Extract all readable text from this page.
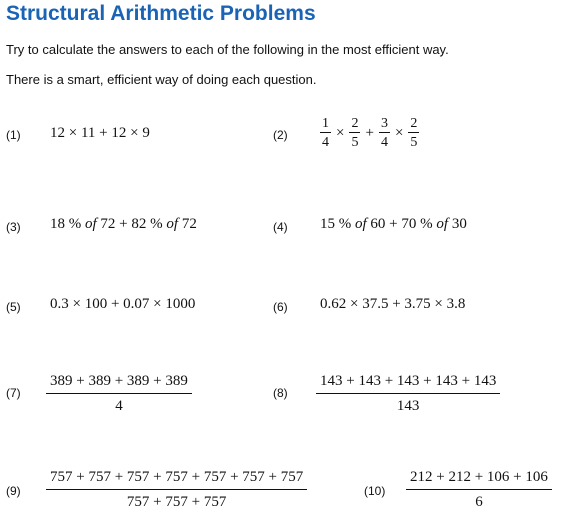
Structural Arithmetic Problems
Try to calculate the answers to each of the following in the most efficient way.
There is a smart, efficient way of doing each question.
(1) 12 × 11 + 12 × 9	$(2) \frac{1}{4} \times \frac{2}{5} + \frac{3}{4} \times \frac{2}{5}$
(3) 18 % of 72 + 82 % of 72	(4) 15 % of 60 + 70 % of 30
(5) 0.3 × 100 + 0.07 × 1000	(6) 0.62 × 37.5 + 3.75 × 3.8
$(7) \frac{389 + 389 + 389 + 389}{4}$	$(8) \frac{143 + 143 + 143 + 143 + 143}{143}$
$(9) \frac{757 + 757 + 757 + 757 + 757 + 757 + 757}{757 + 757 + 757}$	$(10) \frac{212 + 212 + 106 + 106}{6}$
